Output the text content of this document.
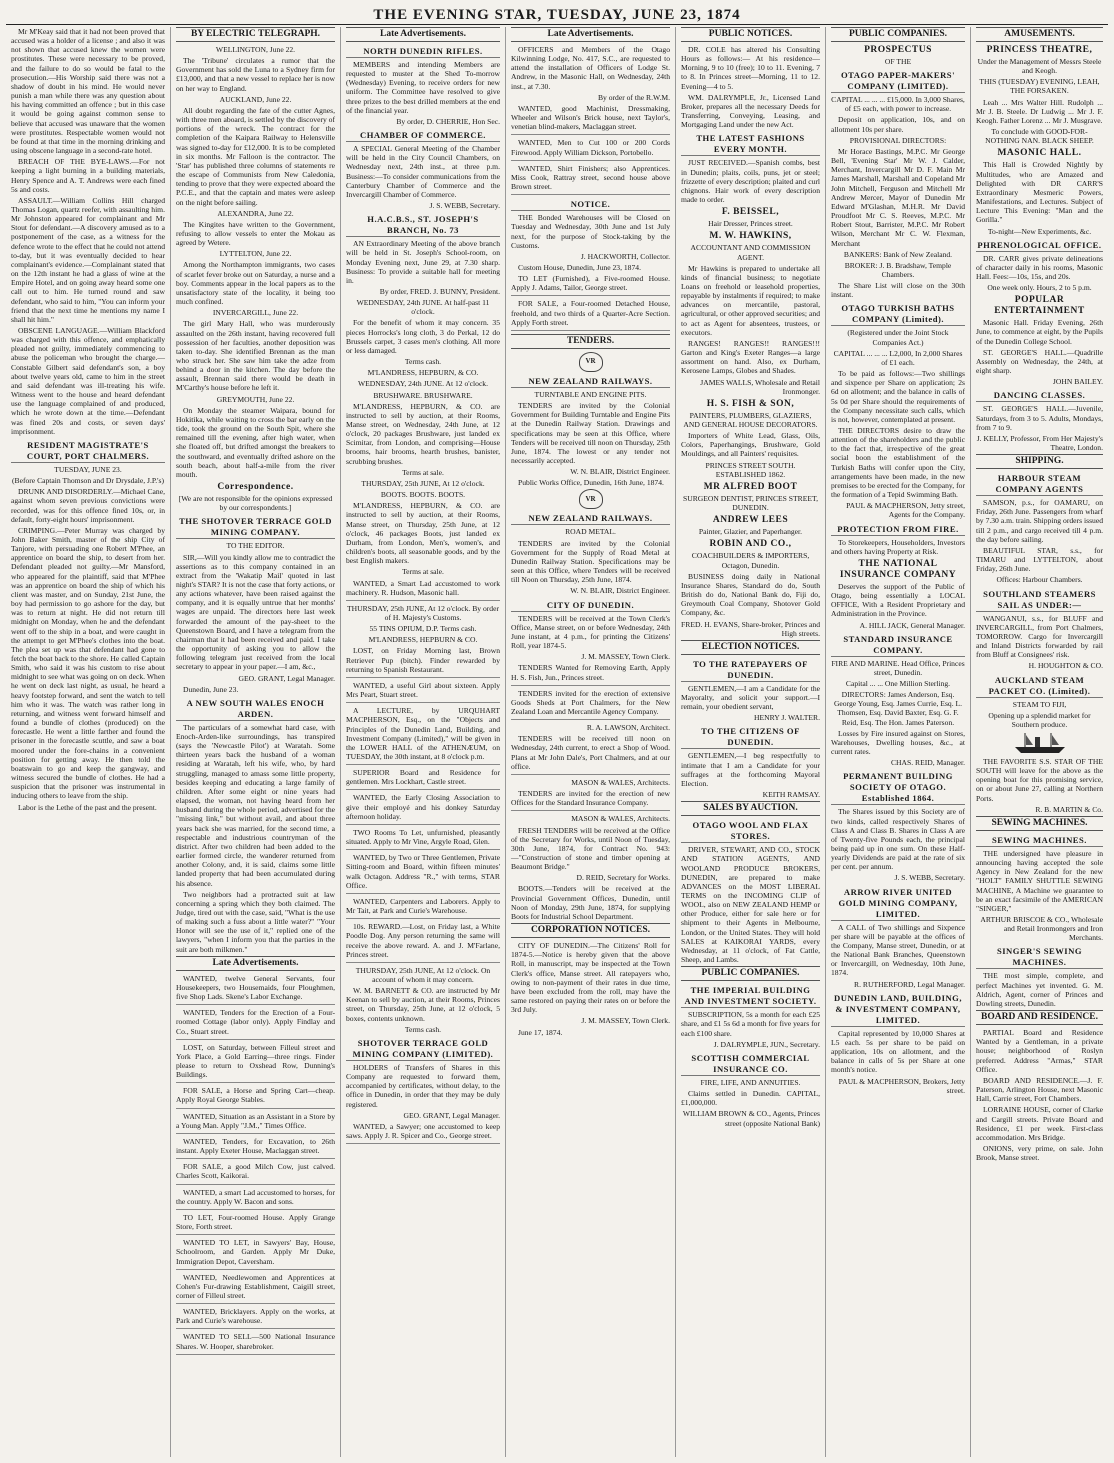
THE EVENING STAR, TUESDAY, JUNE 23, 1874

Mr M'Keay said that it had not been proved that accused was a holder of a license ; and also it was not shown that accused knew the women were prostitutes. These were necessary to be proved, and the failure to do so would be fatal to the prosecution.—His Worship said there was not a shadow of doubt in his mind. He would never punish a man while there was any question about his having committed an offence ; but in this case it would be going against common sense to believe that accused was unaware that the women were prostitutes. Respectable women would not be found at that time in the morning drinking and using obscene language in a second-rate hotel.

BREACH OF THE BYE-LAWS.—For not keeping a light burning in a building materials, Henry Spence and A. T. Andrews were each fined 5s and costs.

ASSAULT.—William Collins Hill charged Thomas Logan, quartz reefer, with assaulting him. Mr Johnston appeared for complainant and Mr Stout for defendant.—A discovery amused as to a postponement of the case, as a witness for the defence wrote to the effect that he could not attend to-day, but it was eventually decided to hear complainant's evidence.—Complainant stated that on the 12th instant he had a glass of wine at the Empire Hotel, and on going away heard some one call out to him. He turned round and saw defendant, who said to him, "You can inform your friend that the next time he mentions my name I shall hit him."

OBSCENE LANGUAGE.—William Blackford was charged with this offence, and emphatically pleaded not guilty, immediately commencing to abuse the policeman who brought the charge.—Constable Gilbert said defendant's son, a boy about twelve years old, came to him in the street and said defendant was ill-treating his wife. Witness went to the house and heard defendant use the language complained of and produced, which he wrote down at the time.—Defendant was fined 20s and costs, or seven days' imprisonment.

RESIDENT MAGISTRATE'S COURT, PORT CHALMERS.

TUESDAY, JUNE 23.

(Before Captain Thomson and Dr Drysdale, J.P.'s)

DRUNK AND DISORDERLY.—Michael Cane, against whom seven previous convictions were recorded, was for this offence fined 10s, or, in default, forty-eight hours' imprisonment.

CRIMPING.—Peter Murray was charged by John Baker Smith, master of the ship City of Tanjore, with persuading one Robert M'Phee, an apprentice on board the ship, to desert from her. Defendant pleaded not guilty.—Mr Mansford, who appeared for the plaintiff, said that M'Phee was an apprentice on board the ship of which his client was master, and on Sunday, 21st June, the boy had permission to go ashore for the day, but was to return at night. He did not return till midnight on Monday, when he and the defendant went off to the ship in a boat, and were caught in the attempt to get M'Phee's clothes into the boat. The plea set up was that defendant had gone to fetch the boat back to the shore. He called Captain Smith, who said it was his custom to rise about midnight to see what was going on on deck. When he went on deck last night, as usual, he heard a heavy footstep forward, and sent the watch to tell him who it was. The watch was rather long in returning, and witness went forward himself and found a bundle of clothes (produced) on the forecastle. He went a little farther and found the prisoner in the forecastle scuttle, and saw a boat moored under the fore-chains in a convenient position for getting away. He then told the boatswain to go and keep the gangway, and witness secured the bundle of clothes. He had a suspicion that the prisoner was instrumental in inducing others to leave from the ship.

Labor is the Lethe of the past and the present.

BY ELECTRIC TELEGRAPH.

WELLINGTON, June 22.

The 'Tribune' circulates a rumor that the Government has sold the Luna to a Sydney firm for £13,000, and that a new vessel to replace her is now on her way to England.

AUCKLAND, June 22.

All doubt regarding the fate of the cutter Agnes, with three men aboard, is settled by the discovery of portions of the wreck. The contract for the completion of the Kaipara Railway to Helensville was signed to-day for £12,000. It is to be completed in six months. Mr Falloon is the contractor. The 'Star' has published three columns of statements re the escape of Communists from New Caledonia, tending to prove that they were expected aboard the P.C.E., and that the captain and mates were asleep on the night before sailing.

ALEXANDRA, June 22.

The Kingites have written to the Government, refusing to allow vessels to enter the Mokau as agreed by Wetere.

LYTTELTON, June 22.

Among the Northampton immigrants, two cases of scarlet fever broke out on Saturday, a nurse and a boy. Comments appear in the local papers as to the unsatisfactory state of the locality, it being too much confined.

INVERCARGILL, June 22.

The girl Mary Hall, who was murderously assaulted on the 26th instant, having recovered full possession of her faculties, another deposition was taken to-day. She identified Brennan as the man who struck her. She saw him take the adze from behind a door in the kitchen. The day before the assault, Brennan said there would be death in M'Carthy's house before he left it.

GREYMOUTH, June 22.

On Monday the steamer Waipara, bound for Hokitika, while waiting to cross the bar early on the tide, took the ground on the South Spit, where she remained till the evening, after high water, when she floated off, but drifted amongst the breakers to the southward, and eventually drifted ashore on the south beach, about half-a-mile from the river mouth.

Correspondence.

[We are not responsible for the opinions expressed by our correspondents.]

THE SHOTOVER TERRACE GOLD MINING COMPANY.

TO THE EDITOR.

SIR,—Will you kindly allow me to contradict the assertions as to this company contained in an extract from the 'Wakatip Mail' quoted in last night's STAR? It is not the case that forty actions, or any actions whatever, have been raised against the company, and it is equally untrue that her months' wages are unpaid. The directors here last week forwarded the amount of the pay-sheet to the Queenstown Board, and I have a telegram from the chairman that it had been received and paid. I take the opportunity of asking you to allow the following telegram just received from the local secretary to appear in your paper.—I am, &c.,

GEO. GRANT, Legal Manager.

Dunedin, June 23.

A NEW SOUTH WALES ENOCH ARDEN.

The particulars of a somewhat hard case, with Enoch-Arden-like surroundings, has transpired (says the 'Newcastle Pilot') at Waratah. Some thirteen years back the husband of a woman residing at Waratah, left his wife, who, by hard struggling, managed to amass some little property, besides keeping and educating a large family of children. After some eight or nine years had elapsed, the woman, not having heard from her husband during the whole period, advertised for the "missing link," but without avail, and about three years back she was married, for the second time, a respectable and industrious countryman of the district. After two children had been added to the earlier formed circle, the wanderer returned from another Colony, and, it is said, claims some little landed property that had been accumulated during his absence.

Two neighbors had a protracted suit at law concerning a spring which they both claimed. The Judge, tired out with the case, said, "What is the use of making such a fuss about a little water?" "Your Honor will see the use of it," replied one of the lawyers, "when I inform you that the parties in the suit are both milkmen."

Late Advertisements.

WANTED, twelve General Servants, four Housekeepers, two Housemaids, four Ploughmen, five Shop Lads. Skene's Labor Exchange.

WANTED, Tenders for the Erection of a Four-roomed Cottage (labor only). Apply Findlay and Co., Stuart street.

LOST, on Saturday, between Filleul street and York Place, a Gold Earring—three rings. Finder please to return to Oxshead Row, Dunning's Buildings.

FOR SALE, a Horse and Spring Cart—cheap. Apply Royal George Stables.

WANTED, Situation as an Assistant in a Store by a Young Man. Apply "J.M.," Times Office.

WANTED, Tenders, for Excavation, to 26th instant. Apply Exeter House, Maclaggan street.

FOR SALE, a good Milch Cow, just calved. Charles Scott, Kaikorai.

WANTED, a smart Lad accustomed to horses, for the country. Apply W. Bacon and sons.

TO LET, Four-roomed House. Apply Grange Store, Forth street.

WANTED TO LET, in Sawyers' Bay, House, Schoolroom, and Garden. Apply Mr Duke, Immigration Depot, Caversham.

WANTED, Needlewomen and Apprentices at Cohen's Fur-drawing Establishment, Caigill street, corner of Filleul street.

WANTED, Bricklayers. Apply on the works, at Park and Curie's warehouse.

WANTED TO SELL—500 National Insurance Shares. W. Hooper, sharebroker.

Late Advertisements.
NORTH DUNEDIN RIFLES.

MEMBERS and intending Members are requested to muster at the Shed To-morrow (Wednesday) Evening, to receive orders for new uniform. The Committee have resolved to give three prizes to the best drilled members at the end of the financial year.

By order, D. CHERRIE, Hon Sec.

CHAMBER OF COMMERCE.

A SPECIAL General Meeting of the Chamber will be held in the City Council Chambers, on Wednesday next, 24th inst., at three p.m. Business:—To consider communications from the Canterbury Chamber of Commerce and the Invercargill Chamber of Commerce.

J. S. WEBB, Secretary.

H.A.C.B.S., ST. JOSEPH'S BRANCH, No. 73

AN Extraordinary Meeting of the above branch will be held in St. Joseph's School-room, on Monday Evening next, June 29, at 7.30 sharp. Business: To provide a suitable hall for meeting in.

By order, FRED. J. BUNNY, President.

WEDNESDAY, 24th JUNE. At half-past 11 o'clock.

For the benefit of whom it may concern. 35 pieces Horrocks's long cloth, 3 do Perkal, 12 do Brussels carpet, 3 cases men's clothing. All more or less damaged.

Terms cash.

M'LANDRESS, HEPBURN, & CO.

WEDNESDAY, 24th JUNE. At 12 o'clock.

BRUSHWARE. BRUSHWARE.

M'LANDRESS, HEPBURN, & CO. are instructed to sell by auction, at their Rooms, Manse street, on Wednesday, 24th June, at 12 o'clock, 20 packages Brushware, just landed ex Scimitar, from London, and comprising—House brooms, hair brooms, hearth brushes, banister, scrubbing brushes.

Terms at sale.

THURSDAY, 25th JUNE, At 12 o'clock.

BOOTS. BOOTS. BOOTS.

M'LANDRESS, HEPBURN, & CO. are instructed to sell by auction, at their Rooms, Manse street, on Thursday, 25th June, at 12 o'clock, 46 packages Boots, just landed ex Durham, from London, Men's, women's, and children's boots, all seasonable goods, and by the best English makers.

Terms at sale.

WANTED, a Smart Lad accustomed to work machinery. R. Hudson, Masonic hall.

THURSDAY, 25th JUNE, At 12 o'clock. By order of H. Majesty's Customs.

55 TINS OPIUM, D.P. Terms cash.

M'LANDRESS, HEPBURN & CO.

LOST, on Friday Morning last, Brown Retriever Pup (bitch). Finder rewarded by returning to Spanish Restaurant.

WANTED, a useful Girl about sixteen. Apply Mrs Peart, Stuart street.

A LECTURE, by URQUHART MACPHERSON, Esq., on the "Objects and Principles of the Dunedin Land, Building, and Investment Company (Limited)," will be given in the LOWER HALL of the ATHENÆUM, on TUESDAY, the 30th instant, at 8 o'clock p.m.

SUPERIOR Board and Residence for gentlemen. Mrs Lockhart, Castle street.

WANTED, the Early Closing Association to give their employé and his donkey Saturday afternoon holiday.

TWO Rooms To Let, unfurnished, pleasantly situated. Apply to Mr Vine, Argyle Road, Glen.

WANTED, by Two or Three Gentlemen, Private Sitting-room and Board, within fifteen minutes' walk Octagon. Address "R.," with terms, STAR Office.

WANTED, Carpenters and Laborers. Apply to Mr Tait, at Park and Curie's Warehouse.

10s. REWARD.—Lost, on Friday last, a White Poodle Dog. Any person returning the same will receive the above reward. A. and J. M'Farlane, Princes street.

THURSDAY, 25th JUNE, At 12 o'clock. On account of whom it may concern.

W. M. BARNETT & CO. are instructed by Mr Keenan to sell by auction, at their Rooms, Princes street, on Thursday, 25th June, at 12 o'clock, 5 boxes, contents unknown.

Terms cash.

SHOTOVER TERRACE GOLD MINING COMPANY (LIMITED).

HOLDERS of Transfers of Shares in this Company are requested to forward them, accompanied by certificates, without delay, to the office in Dunedin, in order that they may be duly registered.

GEO. GRANT, Legal Manager.

WANTED, a Sawyer; one accustomed to keep saws. Apply J. R. Spicer and Co., George street.

Late Advertisements.

OFFICERS and Members of the Otago Kilwinning Lodge, No. 417, S.C., are requested to attend the installation of Officers of Lodge St. Andrew, in the Masonic Hall, on Wednesday, 24th inst., at 7.30.

By order of the R.W.M.

WANTED, good Machinist, Dressmaking, Wheeler and Wilson's Brick house, next Taylor's, venetian blind-makers, Maclaggan street.

WANTED, Men to Cut 100 or 200 Cords Firewood. Apply William Dickson, Portobello.

WANTED, Shirt Finishers; also Apprentices. Miss Cook, Rattray street, second house above Brown street.

NOTICE.

THE Bonded Warehouses will be Closed on Tuesday and Wednesday, 30th June and 1st July next, for the purpose of Stock-taking by the Customs.

J. HACKWORTH, Collector.

Custom House, Dunedin, June 23, 1874.

TO LET (Furnished), a Five-roomed House. Apply J. Adams, Tailor, George street.

FOR SALE, a Four-roomed Detached House, freehold, and two thirds of a Quarter-Acre Section. Apply Forth street.

TENDERS.
VR
NEW ZEALAND RAILWAYS.

TURNTABLE AND ENGINE PITS.

TENDERS are invited by the Colonial Government for Building Turntable and Engine Pits at the Dunedin Railway Station. Drawings and specifications may be seen at this Office, where Tenders will be received till noon on Thursday, 25th June, 1874. The lowest or any tender not necessarily accepted.

W. N. BLAIR, District Engineer.

Public Works Office, Dunedin, 16th June, 1874.

VR
NEW ZEALAND RAILWAYS.

ROAD METAL.

TENDERS are invited by the Colonial Government for the Supply of Road Metal at Dunedin Railway Station. Specifications may be seen at this Office, where Tenders will be received till Noon on Thursday, 25th June, 1874.

W. N. BLAIR, District Engineer.

CITY OF DUNEDIN.

TENDERS will be received at the Town Clerk's Office, Manse street, on or before Wednesday, 24th June instant, at 4 p.m., for printing the Citizens' Roll, year 1874-5.

J. M. MASSEY, Town Clerk.

TENDERS Wanted for Removing Earth, Apply H. S. Fish, Jun., Princes street.

TENDERS invited for the erection of extensive Goods Sheds at Port Chalmers, for the New Zealand Loan and Mercantile Agency Company.

R. A. LAWSON, Architect.

TENDERS will be received till noon on Wednesday, 24th current, to erect a Shop of Wood. Plans at Mr John Dale's, Port Chalmers, and at our office.

MASON & WALES, Architects.

TENDERS are invited for the erection of new Offices for the Standard Insurance Company.

MASON & WALES, Architects.

FRESH TENDERS will be received at the Office of the Secretary for Works, until Noon of Tuesday, 30th June, 1874, for Contract No. 943:—"Construction of stone and timber opening at Beaumont Bridge."

D. REID, Secretary for Works.

BOOTS.—Tenders will be received at the Provincial Government Offices, Dunedin, until Noon of Monday, 29th June, 1874, for supplying Boots for Industrial School Department.

CORPORATION NOTICES.

CITY OF DUNEDIN.—The Citizens' Roll for 1874-5.—Notice is hereby given that the above Roll, in manuscript, may be inspected at the Town Clerk's office, Manse street. All ratepayers who, owing to non-payment of their rates in due time, have been excluded from the roll, may have the same restored on paying their rates on or before the 3rd July.

J. M. MASSEY, Town Clerk.

June 17, 1874.

PUBLIC NOTICES.

DR. COLE has altered his Consulting Hours as follows:— At his residence—Morning, 9 to 10 (free); 10 to 11. Evening, 7 to 8. In Princes street—Morning, 11 to 12. Evening—4 to 5.

WM. DALRYMPLE, Jr., Licensed Land Broker, prepares all the necessary Deeds for Transferring, Conveying, Leasing, and Mortgaging Land under the new Act.

THE LATEST FASHIONS EVERY MONTH.

JUST RECEIVED.—Spanish combs, best in Dunedin; plaits, coils, puns, jet or steel; frizzette of every description; plaited and curl chignons. Hair work of every description made to order.

F. BEISSEL,

Hair Dresser, Princes street.

M. W. HAWKINS,

ACCOUNTANT AND COMMISSION AGENT.

Mr Hawkins is prepared to undertake all kinds of financial business; to negotiate Loans on freehold or leasehold properties, repayable by instalments if required; to make advances on mercantile, pastoral, agricultural, or other approved securities; and to act as Agent for absentees, trustees, or executors.

RANGES! RANGES!! RANGES!!! Garton and King's Exeter Ranges—a large assortment on hand. Also, ex Durham, Kerosene Lamps, Globes and Shades.

JAMES WALLS, Wholesale and Retail Ironmonger.

H. S. FISH & SON,

PAINTERS, PLUMBERS, GLAZIERS, AND GENERAL HOUSE DECORATORS.

Importers of White Lead, Glass, Oils, Colors, Paperhangings, Brushware, Gold Mouldings, and all Painters' requisites.

PRINCES STREET SOUTH. ESTABLISHED 1862.

MR ALFRED BOOT

SURGEON DENTIST, PRINCES STREET, DUNEDIN.

ANDREW LEES

Painter, Glazier, and Paperhanger.

ROBIN AND CO.,

COACHBUILDERS & IMPORTERS, Octagon, Dunedin.

BUSINESS doing daily in National Insurance Shares, Standard do do, South British do do, National Bank do, Fiji do, Greymouth Coal Company, Shotover Gold Company, &c.

FRED. H. EVANS, Share-broker, Princes and High streets.

ELECTION NOTICES.
TO THE RATEPAYERS OF DUNEDIN.

GENTLEMEN,—I am a Candidate for the Mayoralty, and solicit your support.—I remain, your obedient servant,

HENRY J. WALTER.

TO THE CITIZENS OF DUNEDIN.

GENTLEMEN,—I beg respectfully to intimate that I am a Candidate for your suffrages at the forthcoming Mayoral Election.

KEITH RAMSAY.

SALES BY AUCTION.
OTAGO WOOL AND FLAX STORES.

DRIVER, STEWART, AND CO., STOCK AND STATION AGENTS, AND WOOLAND PRODUCE BROKERS, DUNEDIN, are prepared to make ADVANCES on the MOST LIBERAL TERMS on the INCOMING CLIP of WOOL, also on NEW ZEALAND HEMP or other Produce, either for sale here or for shipment to their Agents in Melbourne, London, or the United States. They will hold SALES at KAIKORAI YARDS, every Wednesday, at 11 o'clock, of Fat Cattle, Sheep, and Lambs.

PUBLIC COMPANIES.
THE IMPERIAL BUILDING AND INVESTMENT SOCIETY.

SUBSCRIPTION, 5s a month for each £25 share, and £1 5s 6d a month for five years for each £100 share.

J. DALRYMPLE, JUN., Secretary.

SCOTTISH COMMERCIAL INSURANCE CO.

FIRE, LIFE, AND ANNUITIES.

Claims settled in Dunedin. CAPITAL, £1,000,000.

WILLIAM BROWN & CO., Agents, Princes street (opposite National Bank)

PUBLIC COMPANIES.
PROSPECTUS

OF THE

OTAGO PAPER-MAKERS' COMPANY (LIMITED).

CAPITAL ... ... ... £15,000. In 3,000 Shares, of £5 each, with power to increase.

Deposit on application, 10s, and on allotment 10s per share.

PROVISIONAL DIRECTORS:

Mr Horace Bastings, M.P.C. Mr George Bell, 'Evening Star' Mr W. J. Calder, Merchant, Invercargill Mr D. F. Main Mr James Marshall, Marshall and Copeland Mr John Mitchell, Ferguson and Mitchell Mr Andrew Mercer, Mayor of Dunedin Mr Edward M'Glashan, M.H.R. Mr David Proudfoot Mr C. S. Reeves, M.P.C. Mr Robert Stout, Barrister, M.P.C. Mr Robert Wilson, Merchant Mr C. W. Flexman, Merchant

BANKERS: Bank of New Zealand.

BROKER: J. B. Bradshaw, Temple Chambers.

The Share List will close on the 30th instant.

OTAGO TURKISH BATHS COMPANY (Limited).

(Registered under the Joint Stock Companies Act.)

CAPITAL ... ... ... L2,000, In 2,000 Shares of £1 each.

To be paid as follows:—Two shillings and sixpence per Share on application; 2s 6d on allotment; and the balance in calls of 5s 0d per Share should the requirements of the Company necessitate such calls, which is not, however, contemplated at present.

THE DIRECTORS desire to draw the attention of the shareholders and the public to the fact that, irrespective of the great social boon the establishment of the Turkish Baths will confer upon the City, arrangements have been made, in the new premises to be erected for the Company, for the formation of a Tepid Swimming Bath.

PAUL & MACPHERSON, Jetty street, Agents for the Company.

PROTECTION FROM FIRE.

To Storekeepers, Householders, Investors and others having Property at Risk.

THE NATIONAL INSURANCE COMPANY

Deserves the support of the Public of Otago, being essentially a LOCAL OFFICE, With a Resident Proprietary and Administration in the Province.

A. HILL JACK, General Manager.

STANDARD INSURANCE COMPANY.

FIRE AND MARINE. Head Office, Princes street, Dunedin.

Capital ... ... One Million Sterling.

DIRECTORS: James Anderson, Esq. George Young, Esq. James Currie, Esq. L. Thomsen, Esq. David Baxter, Esq. G. F. Reid, Esq. The Hon. James Paterson.

Losses by Fire insured against on Stores, Warehouses, Dwelling houses, &c., at current rates.

CHAS. REID, Manager.

PERMANENT BUILDING SOCIETY OF OTAGO. Established 1864.

The Shares issued by this Society are of two kinds, called respectively Shares of Class A and Class B. Shares in Class A are of Twenty-five Pounds each, the principal being paid up in one sum. On these Half-yearly Dividends are paid at the rate of six per cent. per annum.

J. S. WEBB, Secretary.

ARROW RIVER UNITED GOLD MINING COMPANY, LIMITED.

A CALL of Two shillings and Sixpence per share will be payable at the offices of the Company, Manse street, Dunedin, or at the National Bank Branches, Queenstown or Invercargill, on Wednesday, 10th June, 1874.

R. RUTHERFORD, Legal Manager.

DUNEDIN LAND, BUILDING, & INVESTMENT COMPANY, LIMITED.

Capital represented by 10,000 Shares at L5 each. 5s per share to be paid on application, 10s on allotment, and the balance in calls of 5s per Share at one month's notice.

PAUL & MACPHERSON, Brokers, Jetty street.

AMUSEMENTS.
PRINCESS THEATRE,

Under the Management of Messrs Steele and Keogh.

THIS (TUESDAY) EVENING, LEAH, THE FORSAKEN.

Leah ... Mrs Walter Hill. Rudolph ... Mr J. B. Steele. Dr Ludwig ... Mr J. F. Keogh. Father Lorenz ... Mr J. Musgrave.

To conclude with GOOD-FOR-NOTHING NAN. BLACK SHEEP.

MASONIC HALL.

This Hall is Crowded Nightly by Multitudes, who are Amazed and Delighted with DR CARR'S Extraordinary Mesmeric Powers, Manifestations, and Lectures. Subject of Lecture This Evening: "Man and the Gorilla."

To-night—New Experiments, &c.

PHRENOLOGICAL OFFICE.

DR. CARR gives private delineations of character daily in his rooms, Masonic Hall. Fees:—10s, 15s, and 20s.

One week only. Hours, 2 to 5 p.m.

POPULAR ENTERTAINMENT

Masonic Hall. Friday Evening, 26th June, to commence at eight, by the Pupils of the Dunedin College School.

ST. GEORGE'S HALL.—Quadrille Assembly on Wednesday, the 24th, at eight sharp.

JOHN BAILEY.

DANCING CLASSES.

ST. GEORGE'S HALL.—Juvenile, Saturdays, from 3 to 5. Adults, Mondays, from 7 to 9.

J. KELLY, Professor, From Her Majesty's Theatre, London.

SHIPPING.
HARBOUR STEAM COMPANY AGENTS

SAMSON, p.s., for OAMARU, on Friday, 26th June. Passengers from wharf by 7.30 a.m. train. Shipping orders issued till 2 p.m., and cargo received till 4 p.m. the day before sailing.

BEAUTIFUL STAR, s.s., for TIMARU and LYTTELTON, about Friday, 26th June.

Offices: Harbour Chambers.

SOUTHLAND STEAMERS SAIL AS UNDER:—

WANGANUI, s.s., for BLUFF and INVERCARGILL, from Port Chalmers, TOMORROW. Cargo for Invercargill and Inland Districts forwarded by rail from Bluff at Consignees' risk.

H. HOUGHTON & CO.

AUCKLAND STEAM PACKET CO. (Limited).

STEAM TO FIJI,

Opening up a splendid market for Southern produce.

THE FAVORITE S.S. STAR OF THE SOUTH will leave for the above as the opening boat for this promising service, on or about June 27, calling at Northern Ports.

R. B. MARTIN & Co.

SEWING MACHINES.
SEWING MACHINES.

THE undersigned have pleasure in announcing having accepted the sole Agency in New Zealand for the new "HOLT" FAMILY SHUTTLE SEWING MACHINE, A Machine we guarantee to be an exact facsimile of the AMERICAN "SINGER,"

ARTHUR BRISCOE & CO., Wholesale and Retail Ironmongers and Iron Merchants.

SINGER'S SEWING MACHINES.

THE most simple, complete, and perfect Machines yet invented. G. M. Aldrich, Agent, corner of Princes and Dowling streets, Dunedin.

BOARD AND RESIDENCE.

PARTIAL Board and Residence Wanted by a Gentleman, in a private house; neighborhood of Roslyn preferred. Address "Armas," STAR Office.

BOARD AND RESIDENCE.—J. F. Paterson, Arlington House, next Masonic Hall, Carrie street, Fort Chambers.

LORRAINE HOUSE, corner of Clarke and Cargill streets. Private Board and Residence, £1 per week. First-class accommodation. Mrs Bridge.

ONIONS, very prime, on sale. John Brook, Manse street.
